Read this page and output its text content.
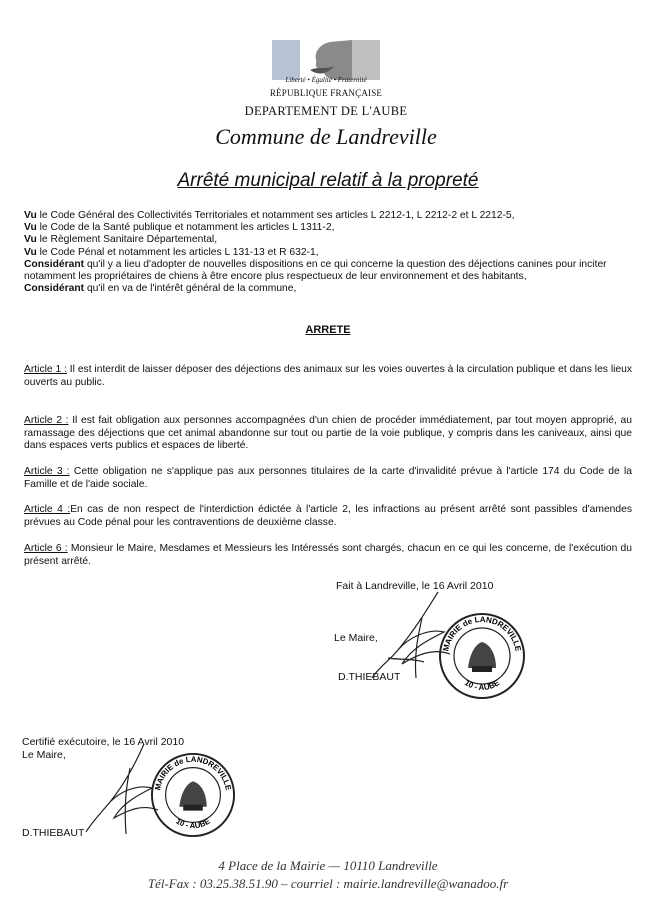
Liberté • Égalité • Fraternité
RÉPUBLIQUE FRANÇAISE
DEPARTEMENT DE L'AUBE
Commune de Landreville
Arrêté municipal relatif à la propreté

Vu le Code Général des Collectivités Territoriales et notamment ses articles L 2212-1, L 2212-2 et L 2212-5,

Vu le Code de la Santé publique et notamment les articles L 1311-2,

Vu le Règlement Sanitaire Départemental,

Vu le Code Pénal et notamment les articles L 131-13 et R 632-1,

Considérant qu'il y a lieu d'adopter de nouvelles dispositions en ce qui concerne la question des déjections canines pour inciter notamment les propriétaires de chiens à être encore plus respectueux de leur environnement et des habitants,

Considérant qu'il en va de l'intérêt général de la commune,

ARRETE
Article 1 : Il est interdit de laisser déposer des déjections des animaux sur les voies ouvertes à la circulation publique et dans les lieux ouverts au public.
Article 2 : Il est fait obligation aux personnes accompagnées d'un chien de procéder immédiatement, par tout moyen approprié, au ramassage des déjections que cet animal abandonne sur tout ou partie de la voie publique, y compris dans les caniveaux, ainsi que dans espaces verts publics et espaces de liberté.
Article 3 : Cette obligation ne s'applique pas aux personnes titulaires de la carte d'invalidité prévue à l'article 174 du Code de la Famille et de l'aide sociale.
Article 4 :En cas de non respect de l'interdiction édictée à l'article 2, les infractions au présent arrêté sont passibles d'amendes prévues au Code pénal pour les contraventions de deuxième classe.
Article 6 : Monsieur le Maire, Mesdames et Messieurs les Intéressés sont chargés, chacun en ce qui les concerne, de l'exécution du présent arrêté.
Fait à Landreville, le 16 Avril 2010
Le Maire,
D.THIEBAUT
MAIRIE de LANDREVILLE
10 - AUBE
Certifié exécutoire, le 16 Avril 2010
Le Maire,
D.THIEBAUT
MAIRIE de LANDREVILLE
10 - AUBE
4 Place de la Mairie — 10110 Landreville
Tél-Fax : 03.25.38.51.90 – courriel : mairie.landreville@wanadoo.fr
